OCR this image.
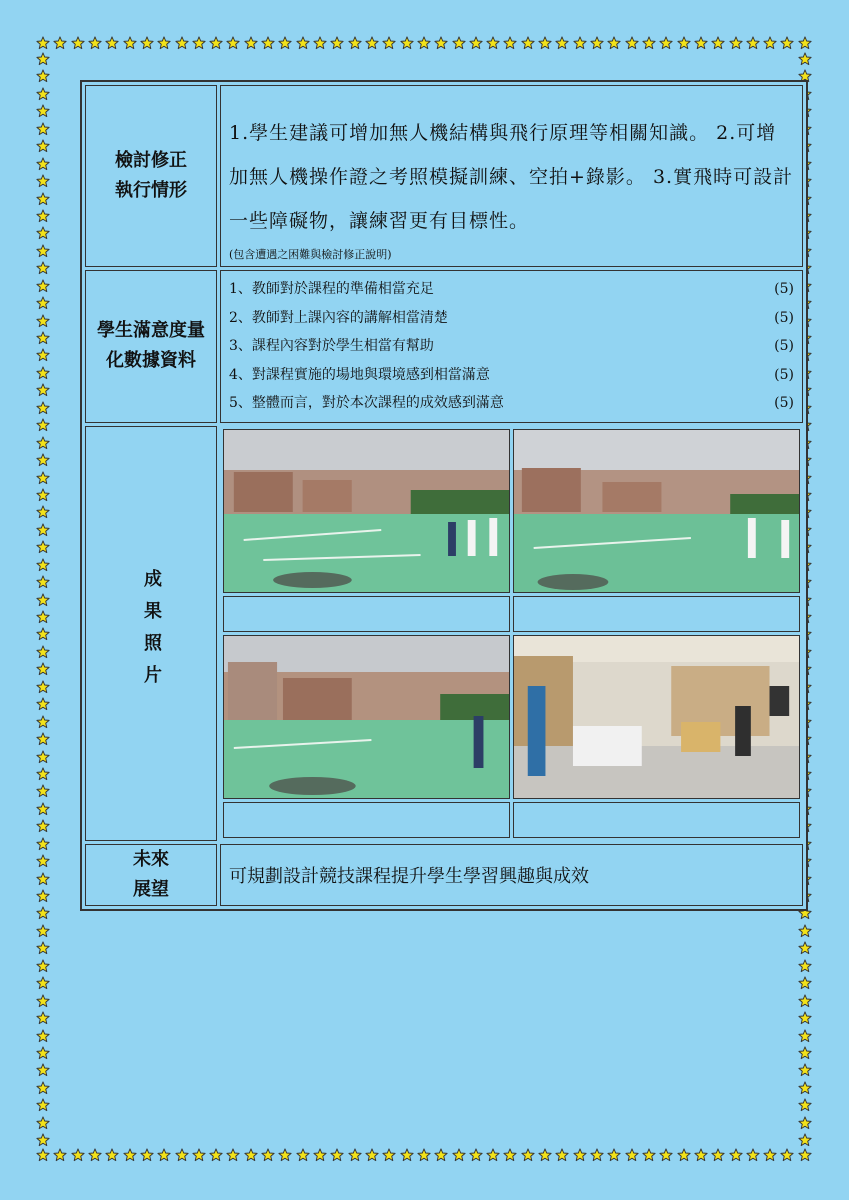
檢討修正
執行情形

1.學生建議可增加無人機結構與飛行原理等相關知識。 2.可增加無人機操作證之考照模擬訓練、空拍+錄影。 3.實飛時可設計一些障礙物，讓練習更有目標性。
(包含遭遇之困難與檢討修正說明)

學生滿意度量
化數據資料

1、教師對於課程的準備相當充足	(5)
2、教師對上課內容的講解相當清楚	(5)
3、課程內容對於學生相當有幫助	(5)
4、對課程實施的場地與環境感到相當滿意	(5)
5、整體而言，對於本次課程的成效感到滿意	(5)

成果照片

未來
展望
	可規劃設計競技課程提升學生學習興趣與成效
